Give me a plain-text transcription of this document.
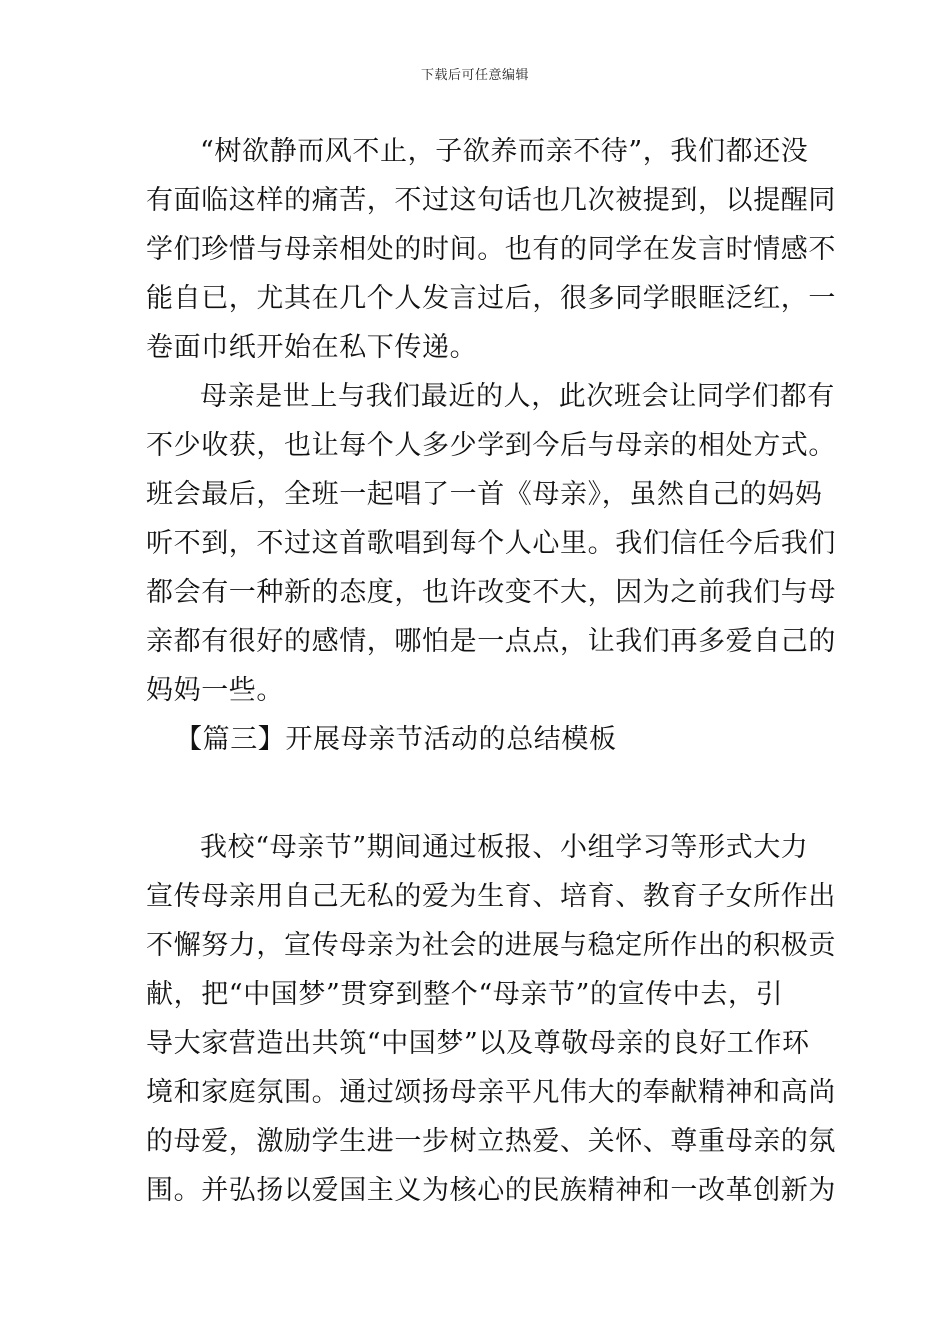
下载后可任意编辑
“树欲静而风不止，子欲养而亲不待”，我们都还没
有面临这样的痛苦，不过这句话也几次被提到，以提醒同
学们珍惜与母亲相处的时间。也有的同学在发言时情感不
能自已，尤其在几个人发言过后，很多同学眼眶泛红，一
卷面巾纸开始在私下传递。
母亲是世上与我们最近的人，此次班会让同学们都有
不少收获，也让每个人多少学到今后与母亲的相处方式。
班会最后，全班一起唱了一首《母亲》，虽然自己的妈妈
听不到，不过这首歌唱到每个人心里。我们信任今后我们
都会有一种新的态度，也许改变不大，因为之前我们与母
亲都有很好的感情，哪怕是一点点，让我们再多爱自己的
妈妈一些。
【篇三】开展母亲节活动的总结模板
我校“母亲节”期间通过板报、小组学习等形式大力
宣传母亲用自己无私的爱为生育、培育、教育子女所作出
不懈努力，宣传母亲为社会的进展与稳定所作出的积极贡
献，把“中国梦”贯穿到整个“母亲节”的宣传中去，引
导大家营造出共筑“中国梦”以及尊敬母亲的良好工作环
境和家庭氛围。通过颂扬母亲平凡伟大的奉献精神和高尚
的母爱，激励学生进一步树立热爱、关怀、尊重母亲的氛
围。并弘扬以爱国主义为核心的民族精神和一改革创新为
